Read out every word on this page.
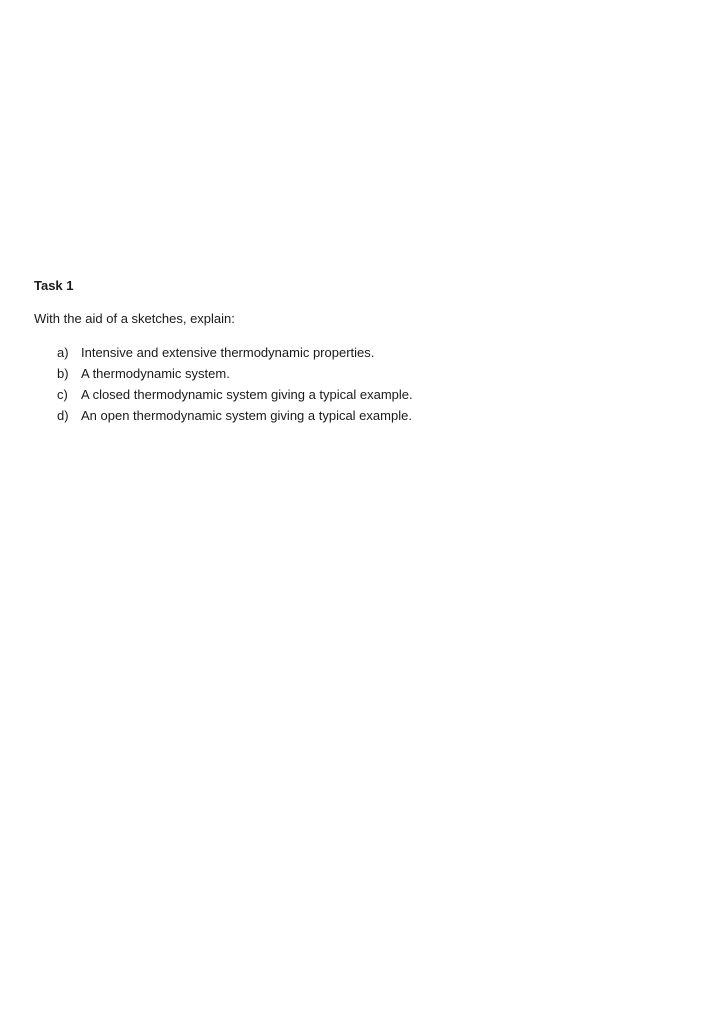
Task 1

With the aid of a sketches, explain:

a) Intensive and extensive thermodynamic properties.
b) A thermodynamic system.
c)	A closed thermodynamic system giving a typical example.
d) An open thermodynamic system giving a typical example.
